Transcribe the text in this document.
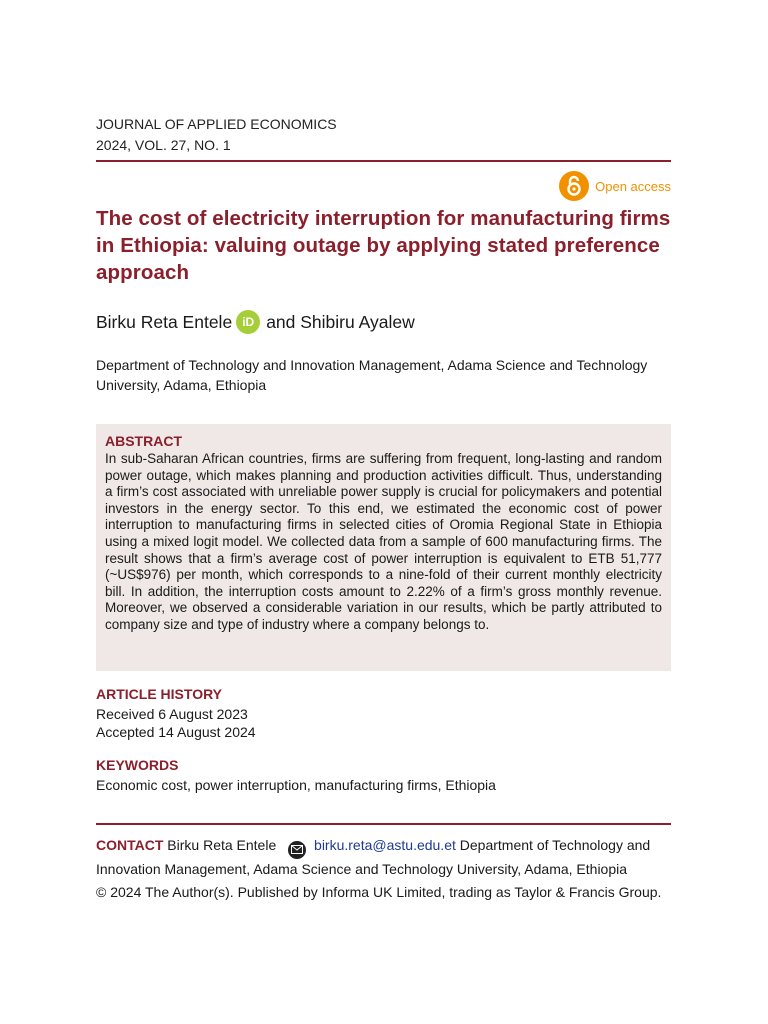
JOURNAL OF APPLIED ECONOMICS
2024, VOL. 27, NO. 1
Open access
The cost of electricity interruption for manufacturing firms in Ethiopia: valuing outage by applying stated preference approach
Birku Reta Entele iD and Shibiru Ayalew
Department of Technology and Innovation Management, Adama Science and Technology University, Adama, Ethiopia
ABSTRACT
In sub-Saharan African countries, firms are suffering from frequent, long-lasting and random power outage, which makes planning and production activities difficult. Thus, understanding a firm’s cost associated with unreliable power supply is crucial for policymakers and potential investors in the energy sector. To this end, we estimated the economic cost of power interruption to manufacturing firms in selected cities of Oromia Regional State in Ethiopia using a mixed logit model. We collected data from a sample of 600 manufacturing firms. The result shows that a firm’s average cost of power interruption is equivalent to ETB 51,777 (~US$976) per month, which corresponds to a nine-fold of their current monthly electricity bill. In addition, the interruption costs amount to 2.22% of a firm’s gross monthly revenue. Moreover, we observed a considerable variation in our results, which be partly attributed to company size and type of industry where a company belongs to.
ARTICLE HISTORY
Received 6 August 2023
Accepted 14 August 2024
KEYWORDS
Economic cost, power interruption, manufacturing firms, Ethiopia
CONTACT Birku Reta Entele	birku.reta@astu.edu.et Department of Technology and Innovation Management, Adama Science and Technology University, Adama, Ethiopia
© 2024 The Author(s). Published by Informa UK Limited, trading as Taylor & Francis Group.
